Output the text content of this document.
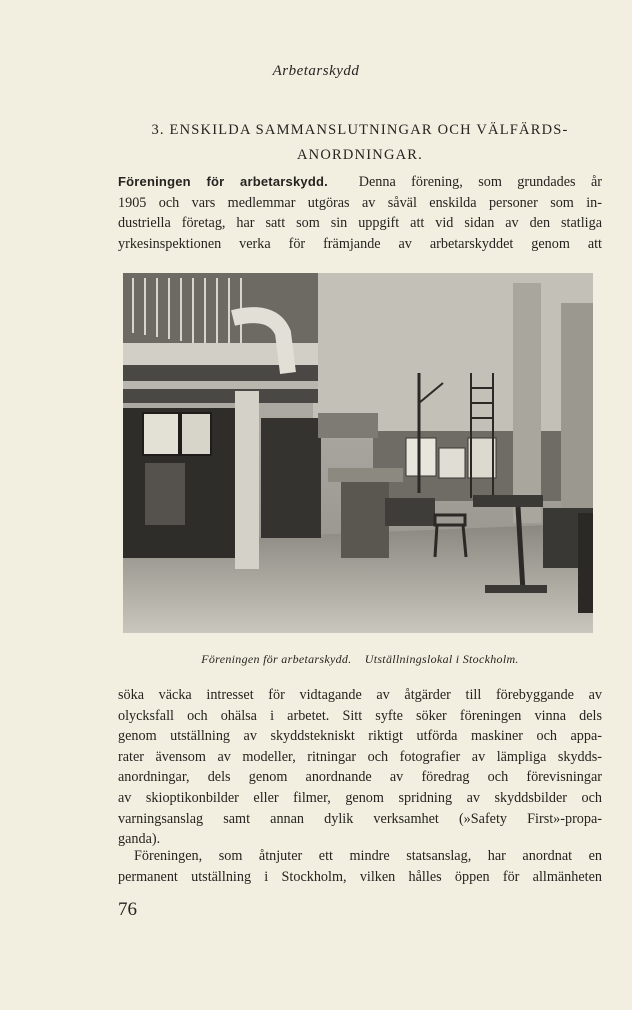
Arbetarskydd
3. ENSKILDA SAMMANSLUTNINGAR OCH VÄLFÄRDS-
ANORDNINGAR.
Föreningen för arbetarskydd. Denna förening, som grundades år
1905 och vars medlemmar utgöras av såväl enskilda personer som in-
dustriella företag, har satt som sin uppgift att vid sidan av den statliga
yrkesinspektionen verka för främjande av arbetarskyddet genom att
Föreningen för arbetarskydd. Utställningslokal i Stockholm.
söka väcka intresset för vidtagande av åtgärder till förebyggande av
olycksfall och ohälsa i arbetet. Sitt syfte söker föreningen vinna dels
genom utställning av skyddstekniskt riktigt utförda maskiner och appa-
rater ävensom av modeller, ritningar och fotografier av lämpliga skydds-
anordningar, dels genom anordnande av föredrag och förevisningar
av skioptikonbilder eller filmer, genom spridning av skyddsbilder och
varningsanslag samt annan dylik verksamhet (»Safety First»-propa-
ganda).
Föreningen, som åtnjuter ett mindre statsanslag, har anordnat en
permanent utställning i Stockholm, vilken hålles öppen för allmänheten
76
